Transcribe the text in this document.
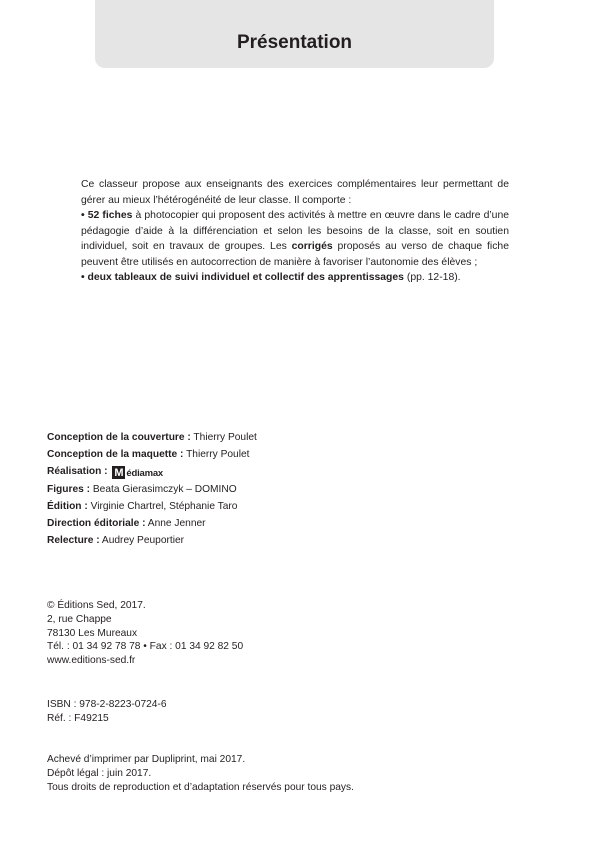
Présentation

Ce classeur propose aux enseignants des exercices complémentaires leur permettant de gérer au mieux l’hétérogénéité de leur classe. Il comporte :

• 52 fiches à photocopier qui proposent des activités à mettre en œuvre dans le cadre d’une pédagogie d’aide à la différenciation et selon les besoins de la classe, soit en soutien individuel, soit en travaux de groupes. Les corrigés proposés au verso de chaque fiche peuvent être utilisés en autocorrection de manière à favoriser l’autonomie des élèves ;

• deux tableaux de suivi individuel et collectif des apprentissages (pp. 12-18).

Conception de la couverture : Thierry Poulet
Conception de la maquette : Thierry Poulet
Réalisation : M édiamax
Figures : Beata Gierasimczyk – DOMINO
Édition : Virginie Chartrel, Stéphanie Taro
Direction éditoriale : Anne Jenner
Relecture : Audrey Peuportier
© Éditions Sed, 2017.
2, rue Chappe
78130 Les Mureaux
Tél. : 01 34 92 78 78 • Fax : 01 34 92 82 50
www.editions-sed.fr
ISBN : 978-2-8223-0724-6
Réf. : F49215
Achevé d’imprimer par Dupliprint, mai 2017.
Dépôt légal : juin 2017.
Tous droits de reproduction et d’adaptation réservés pour tous pays.
